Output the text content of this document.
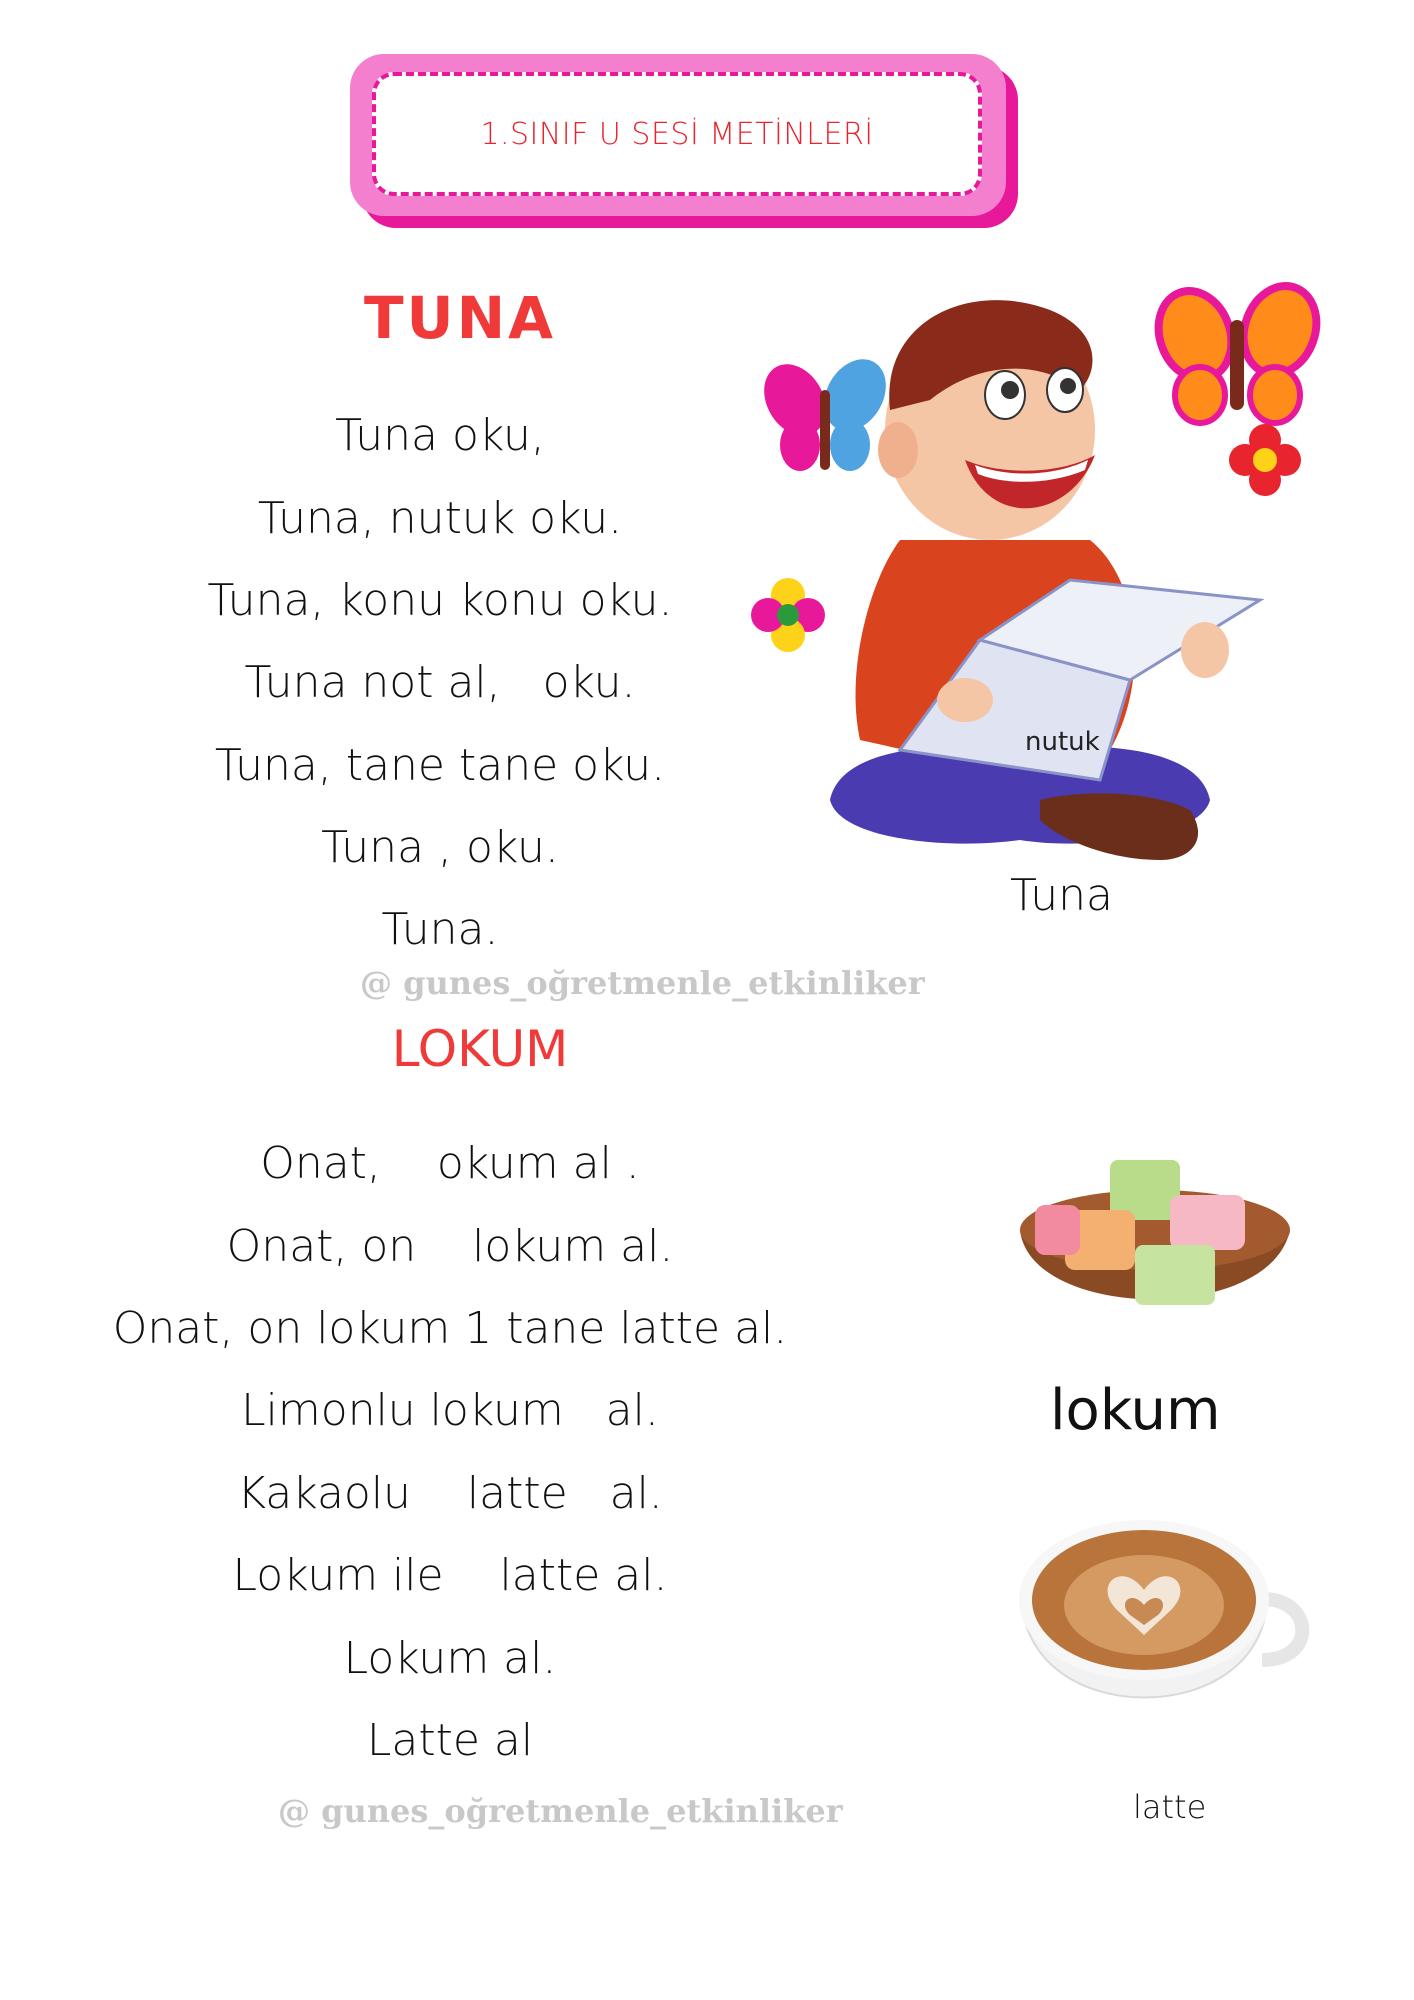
1.SINIF U SESİ METİNLERİ
TUNA
Tuna oku,
Tuna, nutuk oku.
Tuna, konu konu oku.
Tuna not al,   oku.
Tuna, tane tane oku.
Tuna , oku.
Tuna.
nutuk
Tuna
@ gunes_oğretmenle_etkinliker
LOKUM
Onat,    okum al .
Onat, on    lokum al.
Onat, on lokum 1 tane latte al.
Limonlu lokum   al.
Kakaolu    latte   al.
Lokum ile    latte al.
Lokum al.
Latte al
@ gunes_oğretmenle_etkinliker
lokum
latte
